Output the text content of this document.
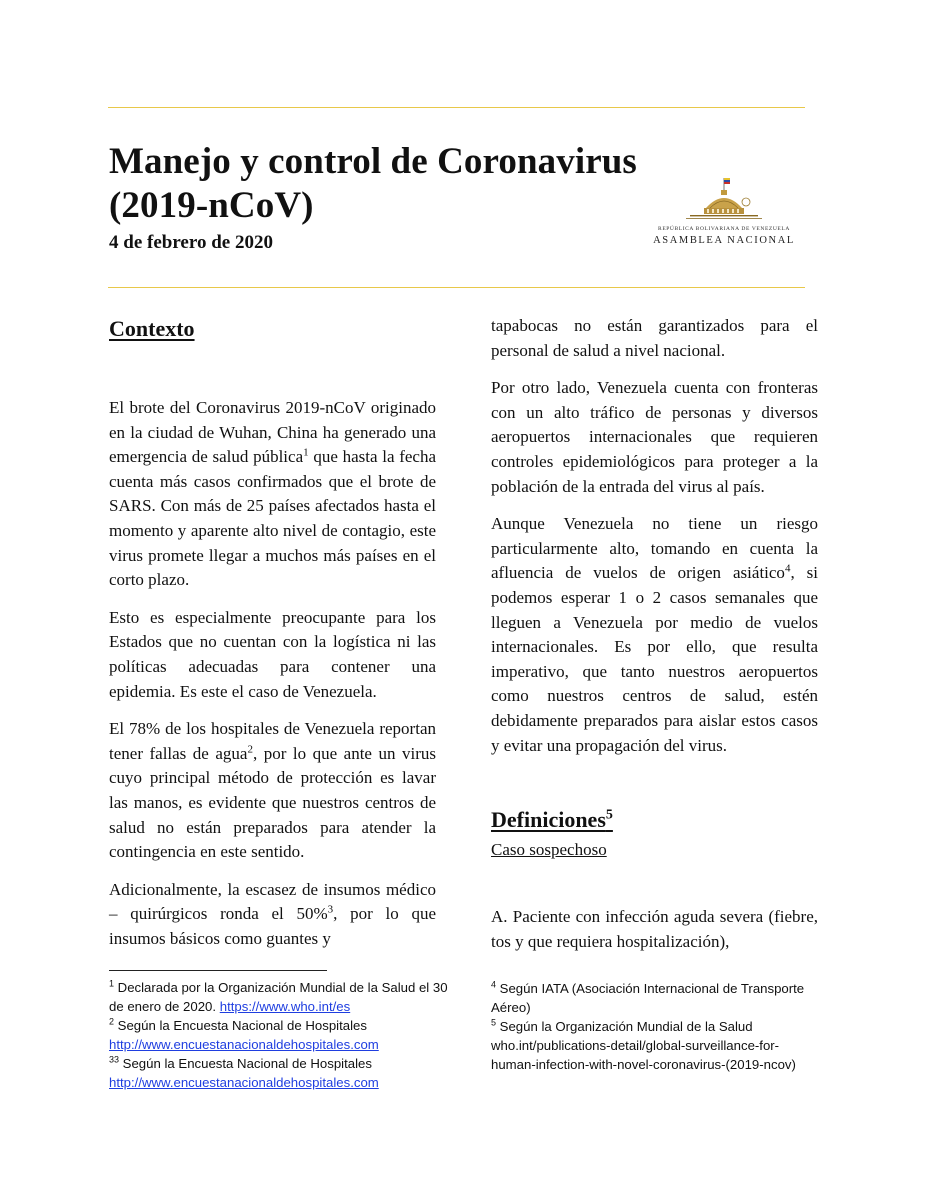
Manejo y control de Coronavirus
(2019-nCoV)
4 de febrero de 2020
REPÚBLICA BOLIVARIANA DE VENEZUELA
ASAMBLEA NACIONAL
Contexto

El brote del Coronavirus 2019-nCoV originado en la ciudad de Wuhan, China ha generado una emergencia de salud pública$^1$ que hasta la fecha cuenta más casos confirmados que el brote de SARS. Con más de 25 países afectados hasta el momento y aparente alto nivel de contagio, este virus promete llegar a muchos más países en el corto plazo.

Esto es especialmente preocupante para los Estados que no cuentan con la logística ni las políticas adecuadas para contener una epidemia. Es este el caso de Venezuela.

El 78% de los hospitales de Venezuela reportan tener fallas de agua$^2$, por lo que ante un virus cuyo principal método de protección es lavar las manos, es evidente que nuestros centros de salud no están preparados para atender la contingencia en este sentido.

Adicionalmente, la escasez de insumos médico – quirúrgicos ronda el 50%$^3$, por lo que insumos básicos como guantes y

tapabocas no están garantizados para el personal de salud a nivel nacional.

Por otro lado, Venezuela cuenta con fronteras con un alto tráfico de personas y diversos aeropuertos internacionales que requieren controles epidemiológicos para proteger a la población de la entrada del virus al país.

Aunque Venezuela no tiene un riesgo particularmente alto, tomando en cuenta la afluencia de vuelos de origen asiático$^4$, si podemos esperar 1 o 2 casos semanales que lleguen a Venezuela por medio de vuelos internacionales. Es por ello, que resulta imperativo, que tanto nuestros aeropuertos como nuestros centros de salud, estén debidamente preparados para aislar estos casos y evitar una propagación del virus.

Definiciones$^5$

Caso sospechoso

A. Paciente con infección aguda severa (fiebre, tos y que requiera hospitalización),

$^1$ Declarada por la Organización Mundial de la Salud el 30 de enero de 2020. https://www.who.int/es

$^2$ Según la Encuesta Nacional de Hospitales
http://www.encuestanacionaldehospitales.com

$^{33}$ Según la Encuesta Nacional de Hospitales
http://www.encuestanacionaldehospitales.com

$^4$ Según IATA (Asociación Internacional de Transporte Aéreo)

$^5$ Según la Organización Mundial de la Salud who.int/publications-detail/global-surveillance-for-human-infection-with-novel-coronavirus-(2019-ncov)
